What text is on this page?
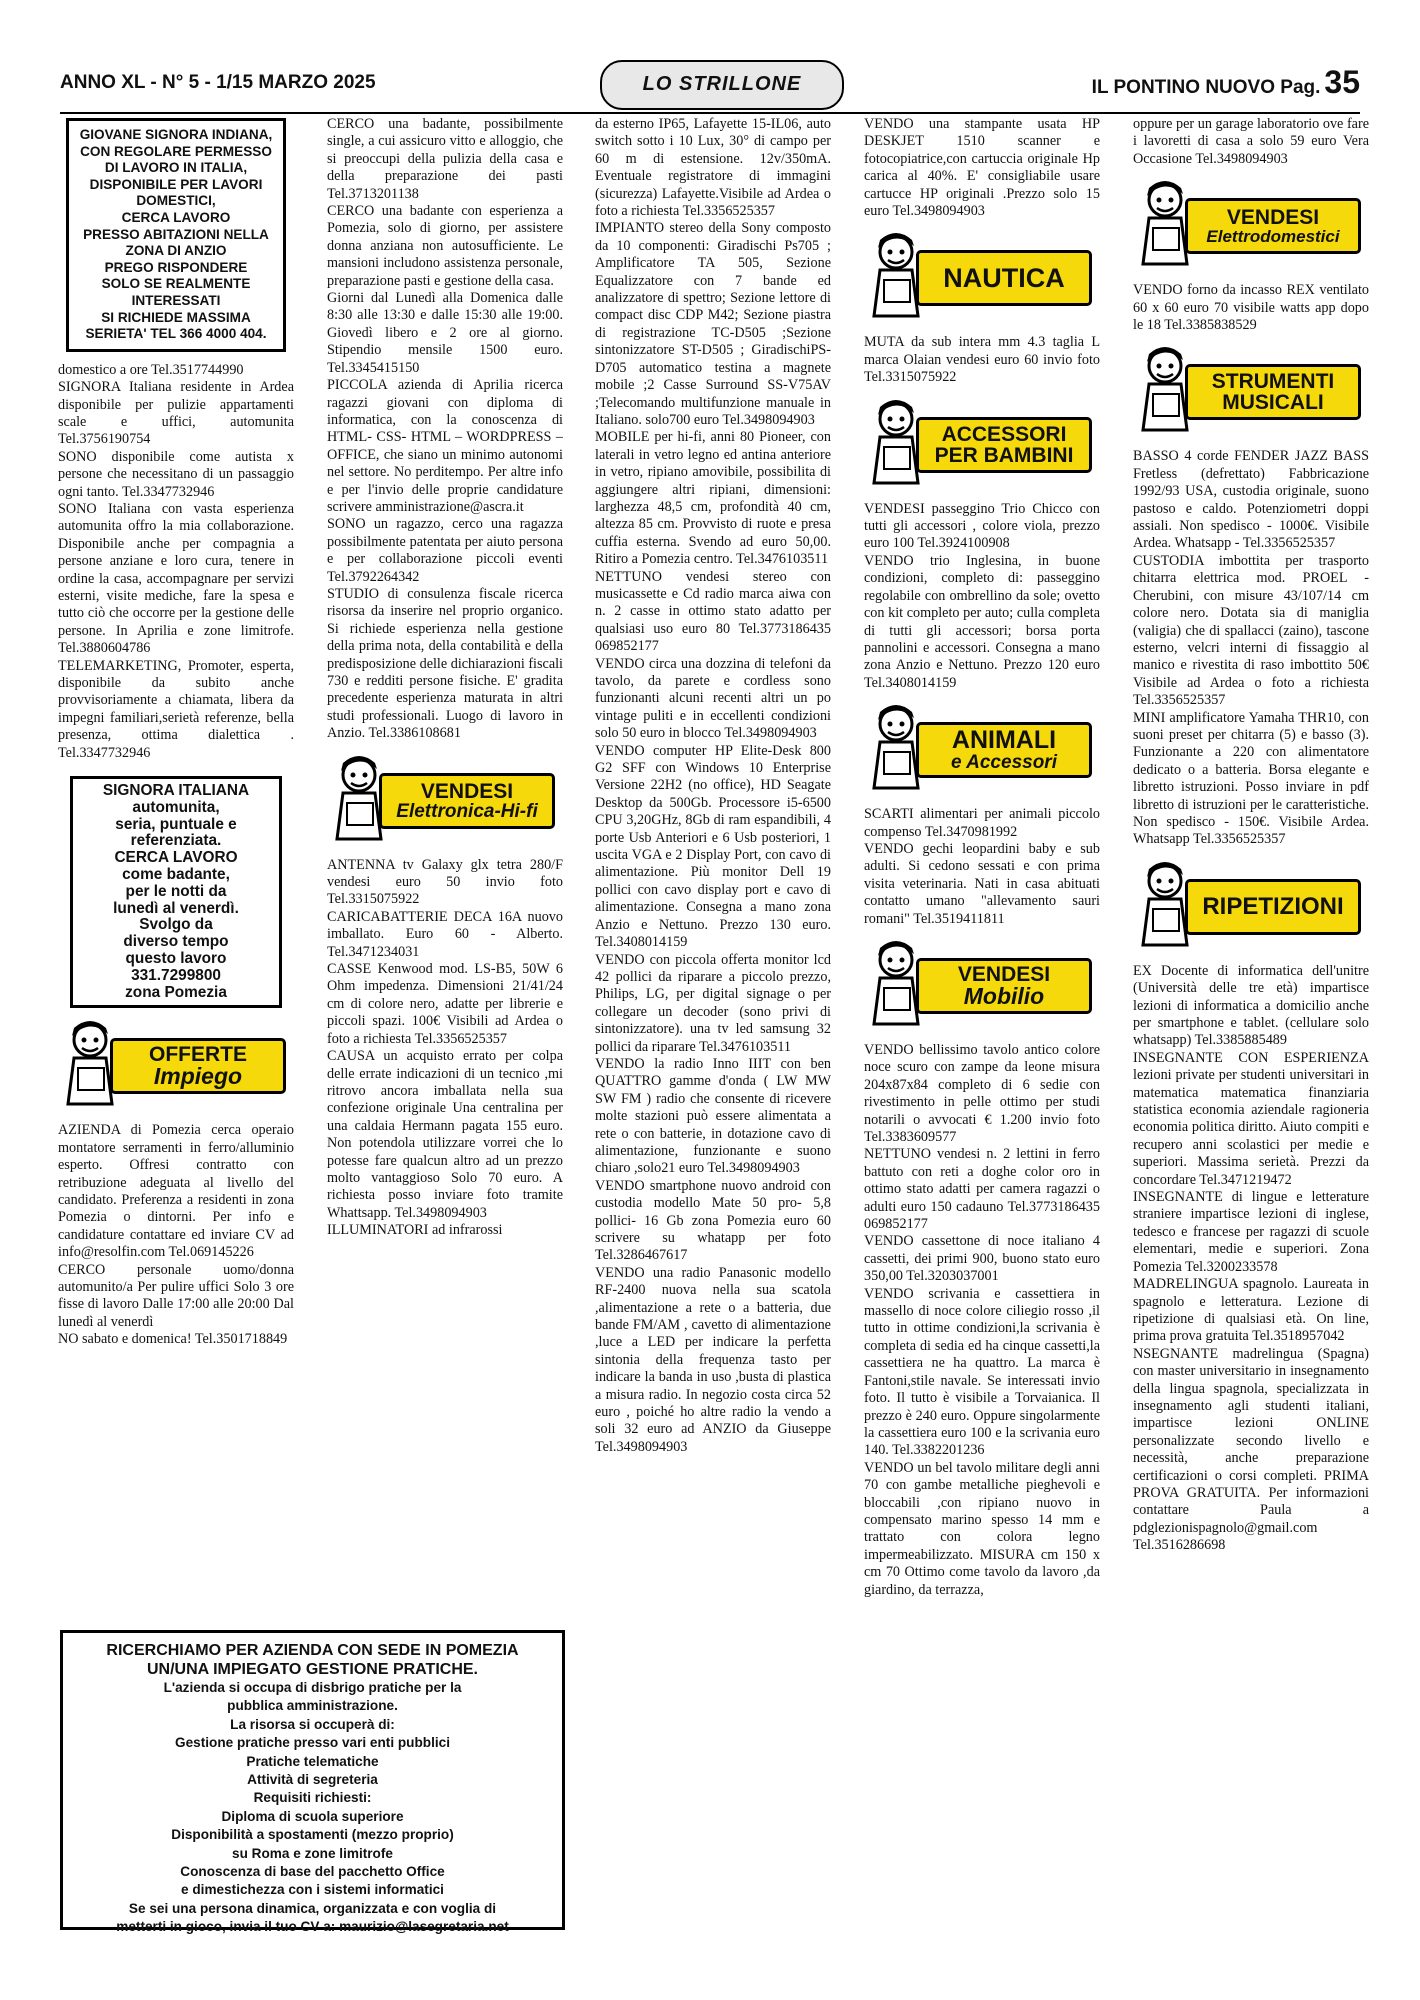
ANNO XL - N° 5 - 1/15 MARZO 2025	LO STRILLONE	IL PONTINO NUOVO Pag. 35

GIOVANE SIGNORA INDIANA,

CON REGOLARE PERMESSO

DI LAVORO IN ITALIA,

DISPONIBILE PER LAVORI

DOMESTICI,

CERCA LAVORO

PRESSO ABITAZIONI NELLA

ZONA DI ANZIO

PREGO RISPONDERE

SOLO SE REALMENTE

INTERESSATI

SI RICHIEDE MASSIMA

SERIETA' TEL 366 4000 404.

domestico a ore Tel.3517744990

SIGNORA Italiana residente in Ardea disponibile per pulizie appartamenti scale e uffici, automunita Tel.3756190754

SONO disponibile come autista x persone che necessitano di un passaggio ogni tanto. Tel.3347732946

SONO Italiana con vasta esperienza automunita offro la mia collaborazione. Disponibile anche per compagnia a persone anziane e loro cura, tenere in ordine la casa, accompagnare per servizi esterni, visite mediche, fare la spesa e tutto ciò che occorre per la gestione delle persone. In Aprilia e zone limitrofe. Tel.3880604786

TELEMARKETING, Promoter, esperta, disponibile da subito anche provvisoriamente a chiamata, libera da impegni familiari,serietà referenze, bella presenza, ottima dialettica . Tel.3347732946

SIGNORA ITALIANA

automunita,

seria, puntuale e

referenziata.

CERCA LAVORO

come badante,

per le notti da

lunedì al venerdì.

Svolgo da

diverso tempo

questo lavoro

331.7299800

zona Pomezia

OFFERTE
Impiego

AZIENDA di Pomezia cerca operaio montatore serramenti in ferro/alluminio esperto. Offresi contratto con retribuzione adeguata al livello del candidato. Preferenza a residenti in zona Pomezia o dintorni. Per info e candidature contattare ed inviare CV ad info@resolfin.com Tel.069145226

CERCO personale uomo/donna automunito/a Per pulire uffici Solo 3 ore fisse di lavoro Dalle 17:00 alle 20:00 Dal lunedì al venerdì

NO sabato e domenica! Tel.3501718849

CERCO una badante, possibilmente single, a cui assicuro vitto e alloggio, che si preoccupi della pulizia della casa e della preparazione dei pasti Tel.3713201138

CERCO una badante con esperienza a Pomezia, solo di giorno, per assistere donna anziana non autosufficiente. Le mansioni includono assistenza personale, preparazione pasti e gestione della casa.

Giorni dal Lunedì alla Domenica dalle 8:30 alle 13:30 e dalle 15:30 alle 19:00. Giovedì libero e 2 ore al giorno. Stipendio mensile 1500 euro. Tel.3345415150

PICCOLA azienda di Aprilia ricerca ragazzi giovani con diploma di informatica, con la conoscenza di HTML- CSS- HTML – WORDPRESS – OFFICE, che siano un minimo autonomi nel settore. No perditempo. Per altre info e per l'invio delle proprie candidature scrivere amministrazione@ascra.it

SONO un ragazzo, cerco una ragazza possibilmente patentata per aiuto persona e per collaborazione piccoli eventi Tel.3792264342

STUDIO di consulenza fiscale ricerca risorsa da inserire nel proprio organico. Si richiede esperienza nella gestione della prima nota, della contabilità e della predisposizione delle dichiarazioni fiscali 730 e redditi persone fisiche. E' gradita precedente esperienza maturata in altri studi professionali. Luogo di lavoro in Anzio. Tel.3386108681

VENDESI
Elettronica-Hi-fi

ANTENNA tv Galaxy glx tetra 280/F vendesi euro 50 invio foto Tel.3315075922

CARICABATTERIE DECA 16A nuovo imballato. Euro 60 - Alberto. Tel.3471234031

CASSE Kenwood mod. LS-B5, 50W 6 Ohm impedenza. Dimensioni 21/41/24 cm di colore nero, adatte per librerie e piccoli spazi. 100€ Visibili ad Ardea o foto a richiesta Tel.3356525357

CAUSA un acquisto errato per colpa delle errate indicazioni di un tecnico ,mi ritrovo ancora imballata nella sua confezione originale Una centralina per una caldaia Hermann pagata 155 euro. Non potendola utilizzare vorrei che lo potesse fare qualcun altro ad un prezzo molto vantaggioso Solo 70 euro. A richiesta posso inviare foto tramite Whattsapp. Tel.3498094903

ILLUMINATORI ad infrarossi

da esterno IP65, Lafayette 15-IL06, auto switch sotto i 10 Lux, 30° di campo per 60 m di estensione. 12v/350mA. Eventuale registratore di immagini (sicurezza) Lafayette.Visibile ad Ardea o foto a richiesta Tel.3356525357

IMPIANTO stereo della Sony composto da 10 componenti: Giradischi Ps705 ; Amplificatore TA 505, Sezione Equalizzatore con 7 bande ed analizzatore di spettro; Sezione lettore di compact disc CDP M42; Sezione piastra di registrazione TC-D505 ;Sezione sintonizzatore ST-D505 ; GiradischiPS-D705 automatico testina a magnete mobile ;2 Casse Surround SS-V75AV ;Telecomando multifunzione manuale in Italiano. solo700 euro Tel.3498094903

MOBILE per hi-fi, anni 80 Pioneer, con laterali in vetro legno ed antina anteriore in vetro, ripiano amovibile, possibilita di aggiungere altri ripiani, dimensioni: larghezza 48,5 cm, profondità 40 cm, altezza 85 cm. Provvisto di ruote e presa cuffia esterna. Svendo ad euro 50,00. Ritiro a Pomezia centro. Tel.3476103511

NETTUNO vendesi stereo con musicassette e Cd radio marca aiwa con n. 2 casse in ottimo stato adatto per qualsiasi uso euro 80 Tel.3773186435 069852177

VENDO circa una dozzina di telefoni da tavolo, da parete e cordless sono funzionanti alcuni recenti altri un po vintage puliti e in eccellenti condizioni solo 50 euro in blocco Tel.3498094903

VENDO computer HP Elite-Desk 800 G2 SFF con Windows 10 Enterprise Versione 22H2 (no office), HD Seagate Desktop da 500Gb. Processore i5-6500 CPU 3,20GHz, 8Gb di ram espandibili, 4 porte Usb Anteriori e 6 Usb posteriori, 1 uscita VGA e 2 Display Port, con cavo di alimentazione. Più monitor Dell 19 pollici con cavo display port e cavo di alimentazione. Consegna a mano zona Anzio e Nettuno. Prezzo 130 euro. Tel.3408014159

VENDO con piccola offerta monitor lcd 42 pollici da riparare a piccolo prezzo, Philips, LG, per digital signage o per collegare un decoder (sono privi di sintonizzatore). una tv led samsung 32 pollici da riparare Tel.3476103511

VENDO la radio Inno IIIT con ben QUATTRO gamme d'onda ( LW MW SW FM ) radio che consente di ricevere molte stazioni può essere alimentata a rete o con batterie, in dotazione cavo di alimentazione, funzionante e suono chiaro ,solo21 euro Tel.3498094903

VENDO smartphone nuovo android con custodia modello Mate 50 pro- 5,8 pollici- 16 Gb zona Pomezia euro 60 scrivere su whatapp per foto Tel.3286467617

VENDO una radio Panasonic modello RF-2400 nuova nella sua scatola ,alimentazione a rete o a batteria, due bande FM/AM , cavetto di alimentazione ,luce a LED per indicare la perfetta sintonia della frequenza tasto per indicare la banda in uso ,busta di plastica a misura radio. In negozio costa circa 52 euro , poiché ho altre radio la vendo a soli 32 euro ad ANZIO da Giuseppe Tel.3498094903

VENDO una stampante usata HP DESKJET 1510 scanner e fotocopiatrice,con cartuccia originale Hp carica al 40%. E' consigliabile usare cartucce HP originali .Prezzo solo 15 euro Tel.3498094903

NAUTICA

MUTA da sub intera mm 4.3 taglia L marca Olaian vendesi euro 60 invio foto Tel.3315075922

ACCESSORI
PER BAMBINI

VENDESI passeggino Trio Chicco con tutti gli accessori , colore viola, prezzo euro 100 Tel.3924100908

VENDO trio Inglesina, in buone condizioni, completo di: passeggino regolabile con ombrellino da sole; ovetto con kit completo per auto; culla completa di tutti gli accessori; borsa porta pannolini e accessori. Consegna a mano zona Anzio e Nettuno. Prezzo 120 euro Tel.3408014159

ANIMALI
e Accessori

SCARTI alimentari per animali piccolo compenso Tel.3470981992

VENDO gechi leopardini baby e sub adulti. Si cedono sessati e con prima visita veterinaria. Nati in casa abituati contatto umano "allevamento sauri romani" Tel.3519411811

VENDESI
Mobilio

VENDO bellissimo tavolo antico colore noce scuro con zampe da leone misura 204x87x84 completo di 6 sedie con rivestimento in pelle ottimo per studi notarili o avvocati € 1.200 invio foto Tel.3383609577

NETTUNO vendesi n. 2 lettini in ferro battuto con reti a doghe color oro in ottimo stato adatti per camera ragazzi o adulti euro 150 cadauno Tel.3773186435 069852177

VENDO cassettone di noce italiano 4 cassetti, dei primi 900, buono stato euro 350,00 Tel.3203037001

VENDO scrivania e cassettiera in massello di noce colore ciliegio rosso ,il tutto in ottime condizioni,la scrivania è completa di sedia ed ha cinque cassetti,la cassettiera ne ha quattro. La marca è Fantoni,stile navale. Se interessati invio foto. Il tutto è visibile a Torvaianica. Il prezzo è 240 euro. Oppure singolarmente la cassettiera euro 100 e la scrivania euro 140. Tel.3382201236

VENDO un bel tavolo militare degli anni 70 con gambe metalliche pieghevoli e bloccabili ,con ripiano nuovo in compensato marino spesso 14 mm e trattato con colora legno impermeabilizzato. MISURA cm 150 x cm 70 Ottimo come tavolo da lavoro ,da giardino, da terrazza,

oppure per un garage laboratorio ove fare i lavoretti di casa a solo 59 euro Vera Occasione Tel.3498094903

VENDESI
Elettrodomestici

VENDO forno da incasso REX ventilato 60 x 60 euro 70 visibile watts app dopo le 18 Tel.3385838529

STRUMENTI
MUSICALI

BASSO 4 corde FENDER JAZZ BASS Fretless (defrettato) Fabbricazione 1992/93 USA, custodia originale, suono pastoso e caldo. Potenziometri doppi assiali. Non spedisco - 1000€. Visibile Ardea. Whatsapp - Tel.3356525357

CUSTODIA imbottita per trasporto chitarra elettrica mod. PROEL - Cherubini, con misure 43/107/14 cm colore nero. Dotata sia di maniglia (valigia) che di spallacci (zaino), tascone esterno, velcri interni di fissaggio al manico e rivestita di raso imbottito 50€ Visibile ad Ardea o foto a richiesta Tel.3356525357

MINI amplificatore Yamaha THR10, con suoni preset per chitarra (5) e basso (3). Funzionante a 220 con alimentatore dedicato o a batteria. Borsa elegante e libretto istruzioni. Posso inviare in pdf libretto di istruzioni per le caratteristiche. Non spedisco - 150€. Visibile Ardea. Whatsapp Tel.3356525357

RIPETIZIONI

EX Docente di informatica dell'unitre (Università delle tre età) impartisce lezioni di informatica a domicilio anche per smartphone e tablet. (cellulare solo whatsapp) Tel.3385885489

INSEGNANTE CON ESPERIENZA lezioni private per studenti universitari in matematica matematica finanziaria statistica economia aziendale ragioneria economia politica diritto. Aiuto compiti e recupero anni scolastici per medie e superiori. Massima serietà. Prezzi da concordare Tel.3471219472

INSEGNANTE di lingue e letterature straniere impartisce lezioni di inglese, tedesco e francese per ragazzi di scuole elementari, medie e superiori. Zona Pomezia Tel.3200233578

MADRELINGUA spagnolo. Laureata in spagnolo e letteratura. Lezione di ripetizione di qualsiasi età. On line, prima prova gratuita Tel.3518957042

NSEGNANTE madrelingua (Spagna) con master universitario in insegnamento della lingua spagnola, specializzata in insegnamento agli studenti italiani, impartisce lezioni ONLINE personalizzate secondo livello e necessità, anche preparazione certificazioni o corsi completi. PRIMA PROVA GRATUITA. Per informazioni contattare Paula a pdglezionispagnolo@gmail.com Tel.3516286698

RICERCHIAMO PER AZIENDA CON SEDE IN POMEZIA

UN/UNA IMPIEGATO GESTIONE PRATICHE.

L'azienda si occupa di disbrigo pratiche per la

pubblica amministrazione.

La risorsa si occuperà di:

Gestione pratiche presso vari enti pubblici

Pratiche telematiche

Attività di segreteria

Requisiti richiesti:

Diploma di scuola superiore

Disponibilità a spostamenti (mezzo proprio)

su Roma e zone limitrofe

Conoscenza di base del pacchetto Office

e dimestichezza con i sistemi informatici

Se sei una persona dinamica, organizzata e con voglia di

metterti in gioco, invia il tuo CV a: maurizio@lasegretaria.net
